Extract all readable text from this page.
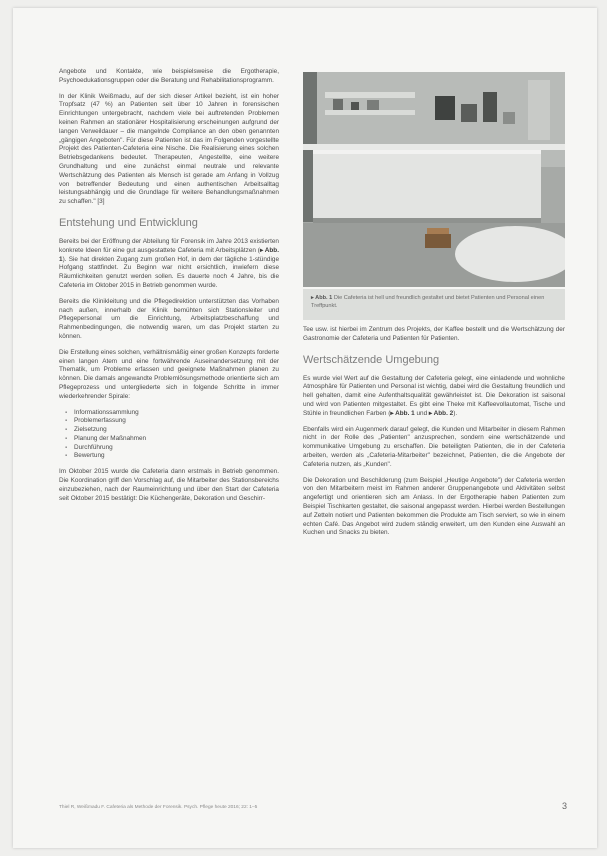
Angebote und Kontakte, wie beispielsweise die Ergotherapie, Psychoedukationsgruppen oder die Beratung und Rehabilitationsprogramm.

In der Klinik Weißmadu, auf der sich dieser Artikel bezieht, ist ein hoher Tropfsatz (47 %) an Patienten seit über 10 Jahren in forensischen Einrichtungen untergebracht, nachdem viele bei auftretenden Problemen keinen Rahmen an stationärer Hospitalisierung erscheinungen aufgrund der langen Verweildauer – die mangelnde Compliance an den oben genannten „gängigen Angeboten". Für diese Patienten ist das im Folgenden vorgestellte Projekt des Patienten-Cafeteria eine Nische. Die Realisierung eines solchen Betriebsgedankens bedeutet. Therapeuten, Angestellte, eine weitere Grundhaltung und eine zunächst einmal neutrale und relevante Wertschätzung des Patienten als Mensch ist gerade am Anfang in Vollzug von betreffender Bedeutung und einen authentischen Arbeitsalltag leistungsabhängig und die Grundlage für weitere Behandlungsmaßnahmen zu schaffen." [3]

Entstehung und Entwicklung

Bereits bei der Eröffnung der Abteilung für Forensik im Jahre 2013 existierten konkrete Ideen für eine gut ausgestattete Cafeteria mit Arbeitsplätzen (▸ Abb. 1). Sie hat direkten Zugang zum großen Hof, in dem der tägliche 1-stündige Hofgang stattfindet. Zu Beginn war nicht ersichtlich, inwiefern diese Räumlichkeiten genutzt werden sollen. Es dauerte noch 4 Jahre, bis die Cafeteria im Oktober 2015 in Betrieb genommen wurde.

Bereits die Klinikleitung und die Pflegedirektion unterstützten das Vorhaben nach außen, innerhalb der Klinik bemühten sich Stationsleiter und Pflegepersonal um die Einrichtung, Arbeitsplatzbeschaffung und Rahmenbedingungen, die notwendig waren, um das Projekt starten zu können.

Die Erstellung eines solchen, verhältnismäßig einer großen Konzepts forderte einen langen Atem und eine fortwährende Auseinandersetzung mit der Thematik, um Probleme erfassen und geeignete Maßnahmen planen zu können. Die damals angewandte Problemlösungsmethode orientierte sich am Pflegeprozess und untergliederte sich in folgende Schritte in immer wiederkehrender Spirale:

▪ Informationssammlung
▪ Problemerfassung
▪ Zielsetzung
▪ Planung der Maßnahmen
▪ Durchführung
▪ Bewertung

Im Oktober 2015 wurde die Cafeteria dann erstmals in Betrieb genommen. Die Koordination griff den Vorschlag auf, die Mitarbeiter des Stationsbereichs einzubeziehen, nach der Raumeinrichtung und über den Start der Cafeteria seit Oktober 2015 bestätigt: Die Küchengeräte, Dekoration und Geschirr-

▸ Abb. 1 Die Cafeteria ist hell und freundlich gestaltet und bietet Patienten und Personal einen Treffpunkt.

Tee usw. ist hierbei im Zentrum des Projekts, der Kaffee bestellt und die Wertschätzung der Gastronomie der Cafeteria und Patienten für Patienten.

Wertschätzende Umgebung

Es wurde viel Wert auf die Gestaltung der Cafeteria gelegt, eine einladende und wohnliche Atmosphäre für Patienten und Personal ist wichtig, dabei wird die Gestaltung freundlich und hell gehalten, damit eine Aufenthaltsqualität gewährleistet ist. Die Dekoration ist saisonal und wird von Patienten mitgestaltet. Es gibt eine Theke mit Kaffeevollautomat, Tische und Stühle in freundlichen Farben (▸ Abb. 1 und ▸ Abb. 2).

Ebenfalls wird ein Augenmerk darauf gelegt, die Kunden und Mitarbeiter in diesem Rahmen nicht in der Rolle des „Patienten" anzusprechen, sondern eine wertschätzende und kommunikative Umgebung zu erschaffen. Die beteiligten Patienten, die in der Cafeteria arbeiten, werden als „Cafeteria-Mitarbeiter" bezeichnet, Patienten, die die Angebote der Cafeteria nutzen, als „Kunden".

Die Dekoration und Beschilderung (zum Beispiel „Heutige Angebote") der Cafeteria werden von den Mitarbeitern meist im Rahmen anderer Gruppenangebote und Aktivitäten selbst angefertigt und orientieren sich am Anlass. In der Ergotherapie haben Patienten zum Beispiel Tischkarten gestaltet, die saisonal angepasst werden. Hierbei werden Bestellungen auf Zetteln notiert und Patienten bekommen die Produkte am Tisch serviert, so wie in einem echten Café. Das Angebot wird zudem ständig erweitert, um den Kunden eine Auswahl an Kuchen und Snacks zu bieten.

Thiel R, Weißmadu F. Cafeteria als Methode der Forensik. Psych. Pflege heute 2016; 22: 1–5	3
